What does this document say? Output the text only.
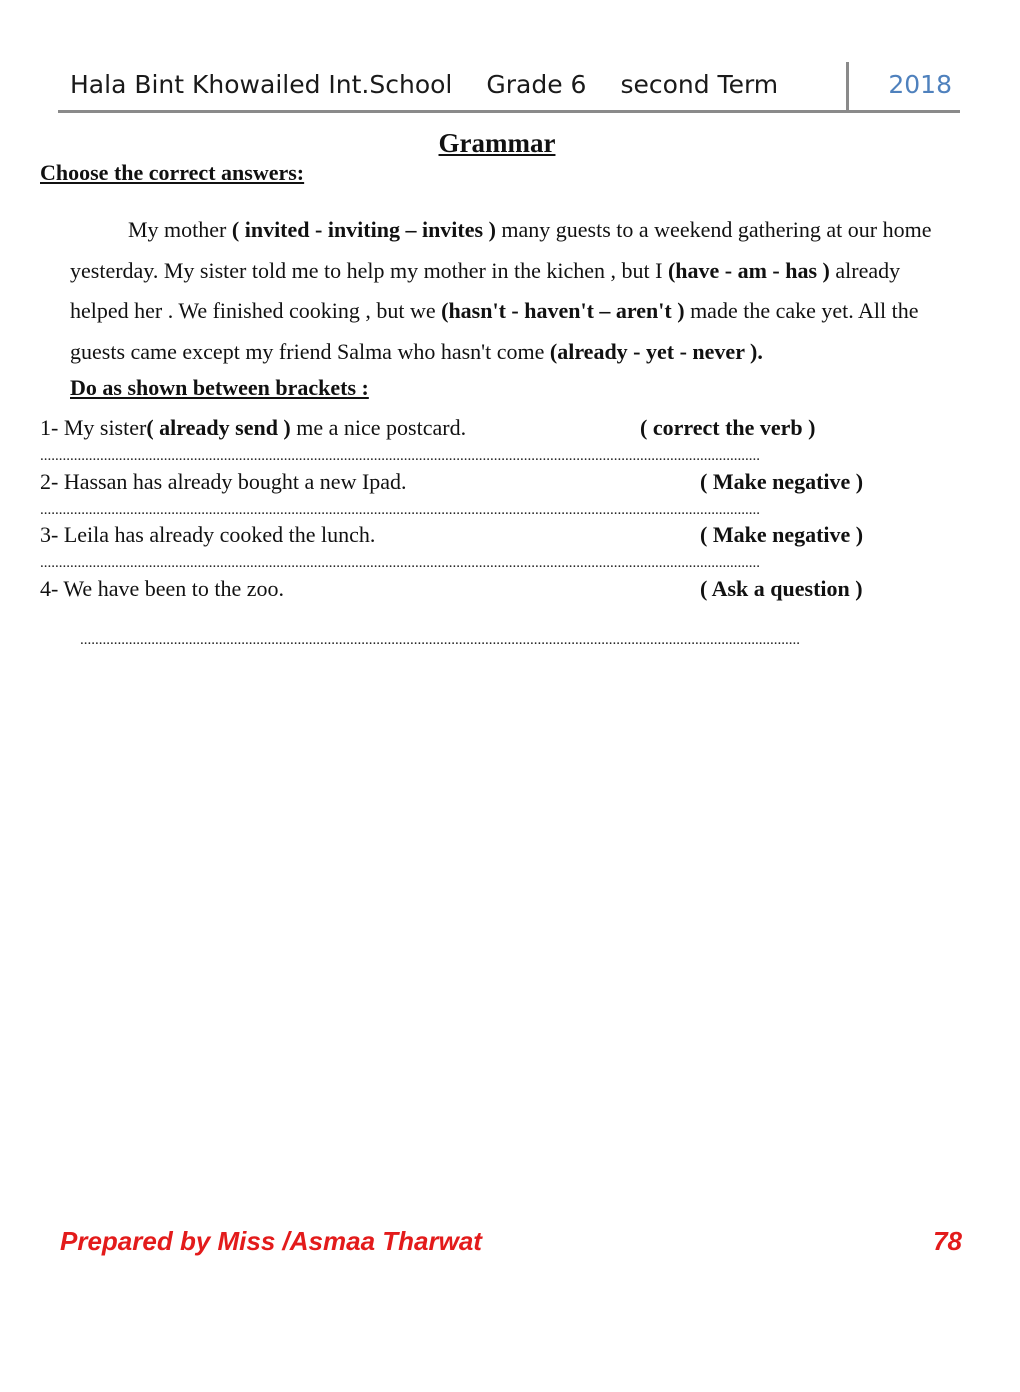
Hala Bint Khowailed Int.School Grade 6 second Term	2018
Grammar
Choose the correct answers:
My mother ( invited - inviting – invites ) many guests to a weekend gathering at our home yesterday. My sister told me to help my mother in the kichen , but I (have - am - has ) already helped her . We finished cooking , but we (hasn't - haven't – aren't ) made the cake yet. All the guests came except my friend Salma who hasn't come (already - yet - never ).
Do as shown between brackets :
1- My sister( already send ) me a nice postcard.	( correct the verb )
................................................................................................................................................................................................
2- Hassan has already bought a new Ipad.	( Make negative )
................................................................................................................................................................................................
3- Leila has already cooked the lunch.	( Make negative )
................................................................................................................................................................................................
4- We have been to the zoo.	( Ask a question )
................................................................................................................................................................................................
Prepared by Miss /Asmaa Tharwat	78
